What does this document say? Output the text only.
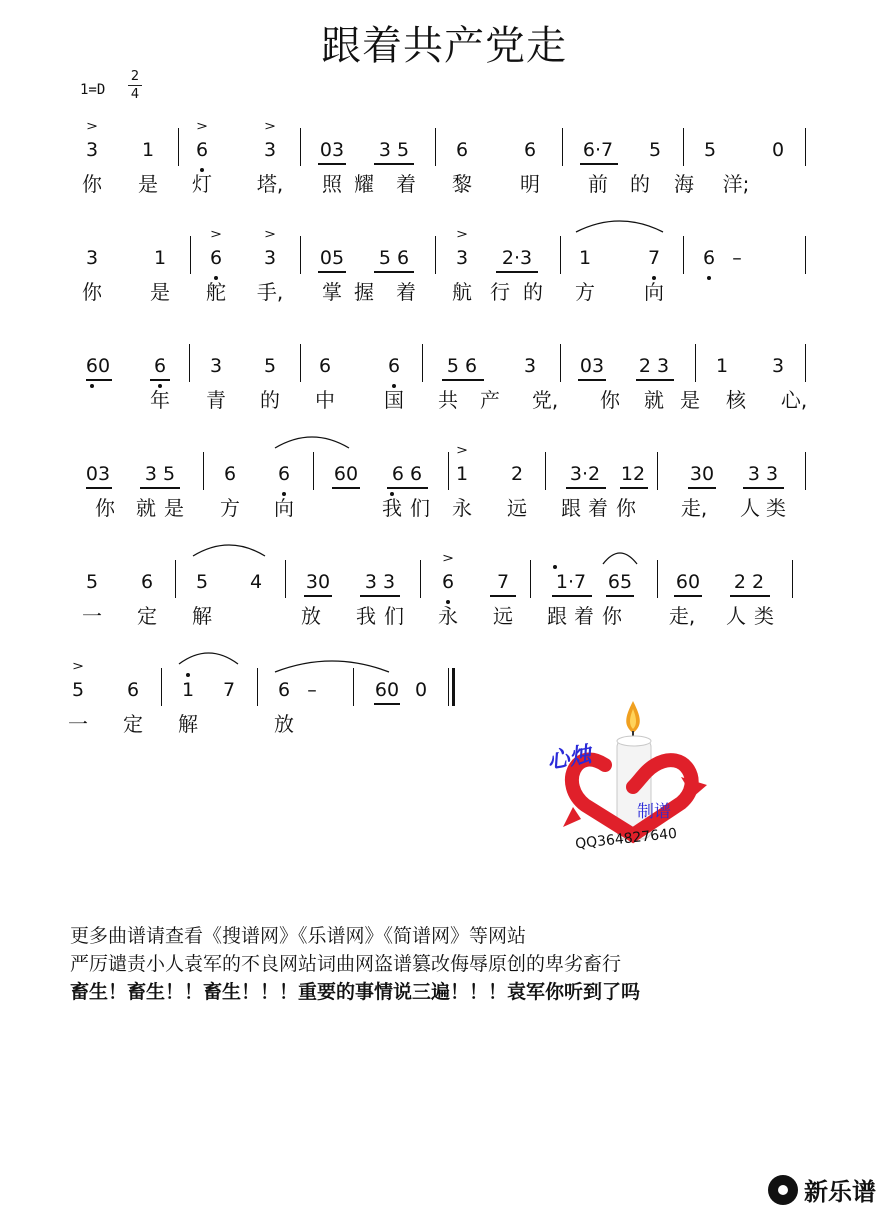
跟着共产党走
1=D
2
4
3 1 6	3 03 3 5 6	6 6·7 5 5	0
你 是 灯 塔, 照 耀 着 黎 明 前 的 海 洋;
>	>	>
3	1 6 3 05 5 6 3 2·3 1	7 6 –
你 是 舵 手, 掌 握 着 航 行 的 方 向
>	>	>
60 6 3 5 6	6 5 6 3 03 2 3 1 3
年 青 的 中 国 共 产 党, 你 就 是 核 心,
03 3 5	6 6 60 6 6 1 2 3·2 12 30 3 3
你 就 是 方 向	我 们 永 远 跟 着 你 走, 人 类
>
5 6 5 4 30 3 3 6 7 1·7 65 60 2 2
一 定 解	放 我 们 永 远 跟 着 你 走, 人 类
>
5 6 1 7 6 –	60 0
一 定 解	放
>
心烛
制谱
QQ364827640
更多曲谱请查看《搜谱网》《乐谱网》《简谱网》等网站
严厉谴责小人袁军的不良网站词曲网盗谱篡改侮辱原创的卑劣畜行
畜生！畜生！！畜生！！！重要的事情说三遍！！！袁军你听到了吗
新乐谱
